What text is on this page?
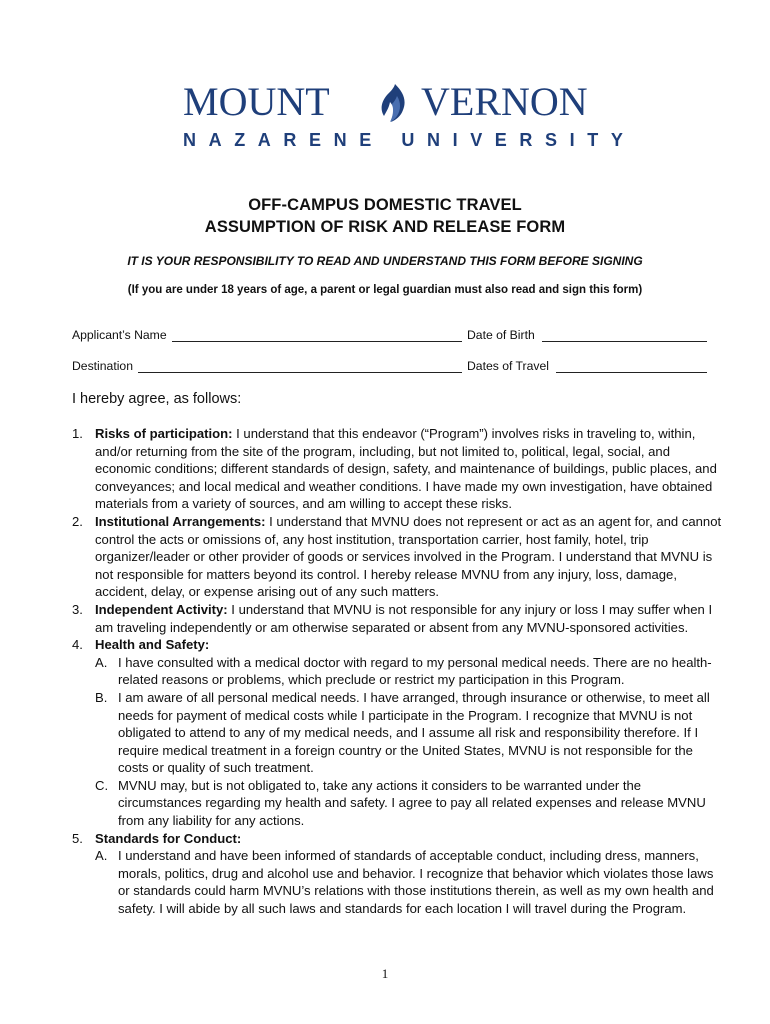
MOUNT VERNON
NAZARENE UNIVERSITY
OFF-CAMPUS DOMESTIC TRAVEL
ASSUMPTION OF RISK AND RELEASE FORM
IT IS YOUR RESPONSIBILITY TO READ AND UNDERSTAND THIS FORM BEFORE SIGNING
(If you are under 18 years of age, a parent or legal guardian must also read and sign this form)
Applicant’s Name	Date of Birth
Destination	Dates of Travel
I hereby agree, as follows:
1. Risks of participation: I understand that this endeavor (“Program”) involves risks in traveling to, within, and/or returning from the site of the program, including, but not limited to, political, legal, social, and economic conditions; different standards of design, safety, and maintenance of buildings, public places, and conveyances; and local medical and weather conditions. I have made my own investigation, have obtained materials from a variety of sources, and am willing to accept these risks.
2. Institutional Arrangements: I understand that MVNU does not represent or act as an agent for, and cannot control the acts or omissions of, any host institution, transportation carrier, host family, hotel, trip organizer/leader or other provider of goods or services involved in the Program. I understand that MVNU is not responsible for matters beyond its control. I hereby release MVNU from any injury, loss, damage, accident, delay, or expense arising out of any such matters.
3. Independent Activity: I understand that MVNU is not responsible for any injury or loss I may suffer when I am traveling independently or am otherwise separated or absent from any MVNU-sponsored activities.
4. Health and Safety:
A. I have consulted with a medical doctor with regard to my personal medical needs. There are no health-related reasons or problems, which preclude or restrict my participation in this Program.
B. I am aware of all personal medical needs. I have arranged, through insurance or otherwise, to meet all needs for payment of medical costs while I participate in the Program. I recognize that MVNU is not obligated to attend to any of my medical needs, and I assume all risk and responsibility therefore. If I require medical treatment in a foreign country or the United States, MVNU is not responsible for the costs or quality of such treatment.
C. MVNU may, but is not obligated to, take any actions it considers to be warranted under the circumstances regarding my health and safety. I agree to pay all related expenses and release MVNU from any liability for any actions.
5. Standards for Conduct:
A. I understand and have been informed of standards of acceptable conduct, including dress, manners, morals, politics, drug and alcohol use and behavior. I recognize that behavior which violates those laws or standards could harm MVNU’s relations with those institutions therein, as well as my own health and safety. I will abide by all such laws and standards for each location I will travel during the Program.
1
